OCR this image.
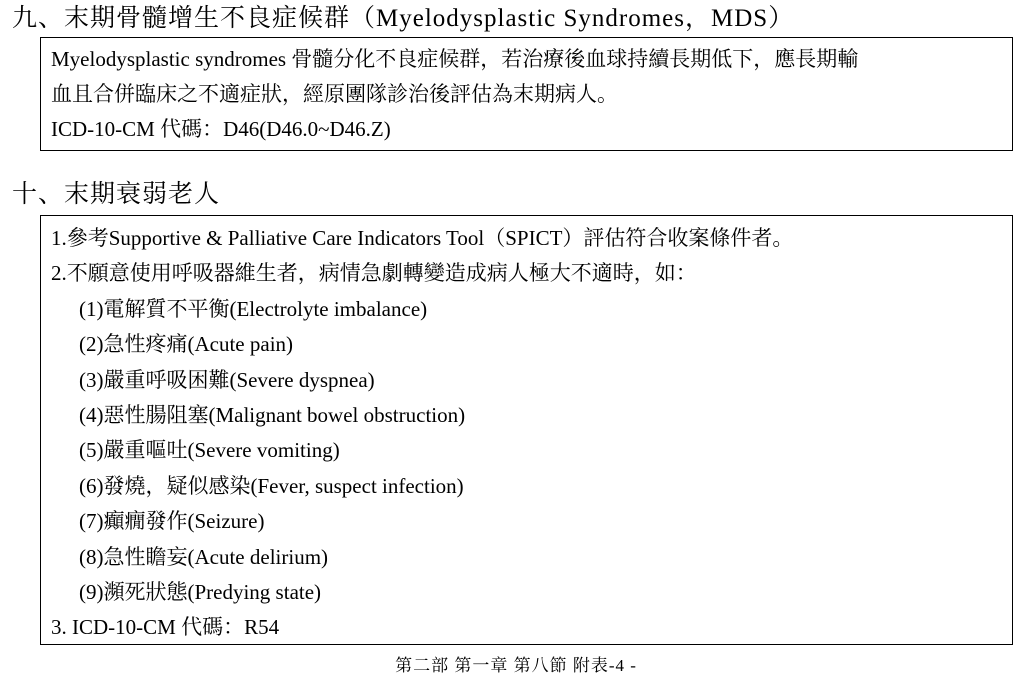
九、末期骨髓增生不良症候群（Myelodysplastic Syndromes，MDS）
Myelodysplastic syndromes 骨髓分化不良症候群，若治療後血球持續長期低下，應長期輸
血且合併臨床之不適症狀，經原團隊診治後評估為末期病人。
ICD-10-CM 代碼：D46(D46.0~D46.Z)
十、末期衰弱老人
1.參考Supportive & Palliative Care Indicators Tool（SPICT）評估符合收案條件者。
2.不願意使用呼吸器維生者，病情急劇轉變造成病人極大不適時，如：
(1)電解質不平衡(Electrolyte imbalance)
(2)急性疼痛(Acute pain)
(3)嚴重呼吸困難(Severe dyspnea)
(4)惡性腸阻塞(Malignant bowel obstruction)
(5)嚴重嘔吐(Severe vomiting)
(6)發燒，疑似感染(Fever, suspect infection)
(7)癲癇發作(Seizure)
(8)急性瞻妄(Acute delirium)
(9)瀕死狀態(Predying state)
3. ICD-10-CM 代碼：R54
第二部 第一章 第八節 附表-4 -
